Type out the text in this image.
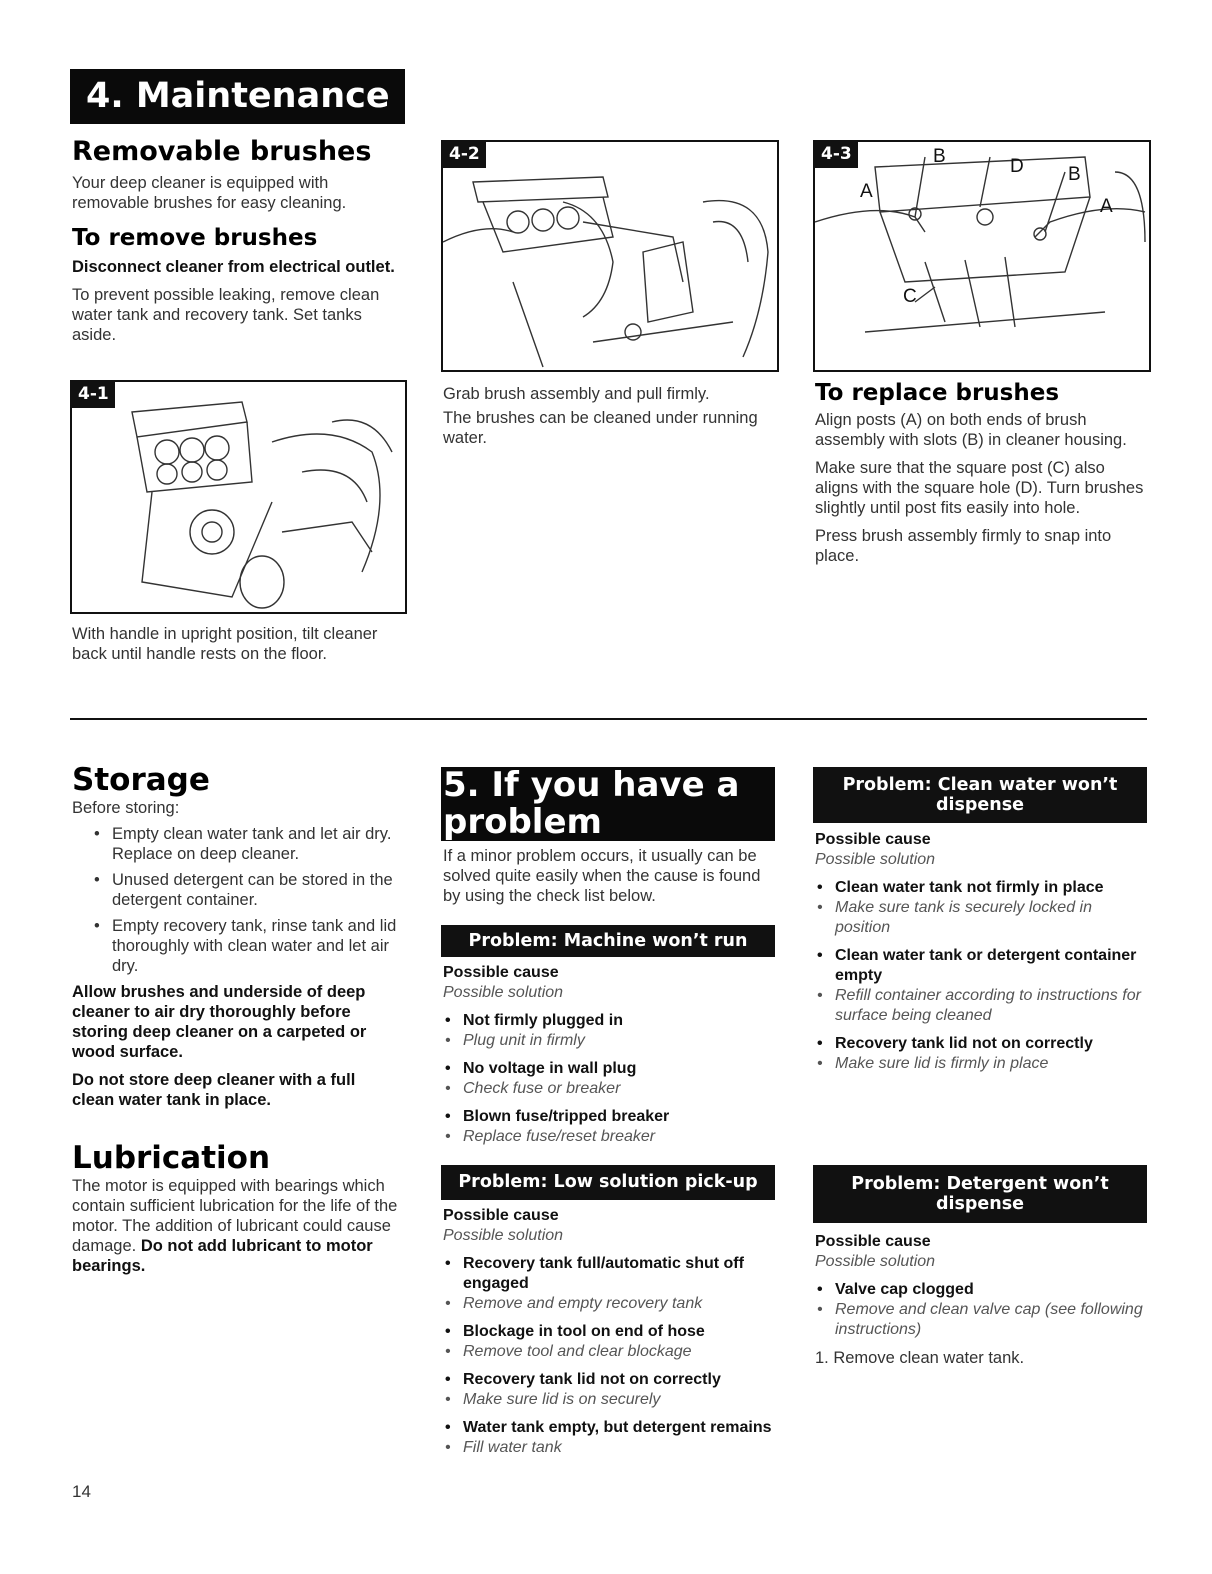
4. Maintenance
Removable brushes

Your deep cleaner is equipped with removable brushes for easy cleaning.

To remove brushes

Disconnect cleaner from electrical outlet.

To prevent possible leaking, remove clean water tank and recovery tank. Set tanks aside.

4-1

With handle in upright position, tilt cleaner back until handle rests on the floor.

4-2

Grab brush assembly and pull firmly.

The brushes can be cleaned under running water.

4-3	B
A
D B
A
C
To replace brushes

Align posts (A) on both ends of brush assembly with slots (B) in cleaner housing.

Make sure that the square post (C) also aligns with the square hole (D). Turn brushes slightly until post fits easily into hole.

Press brush assembly firmly to snap into place.

Storage

Before storing:

• Empty clean water tank and let air dry. Replace on deep cleaner.
• Unused detergent can be stored in the detergent container.
• Empty recovery tank, rinse tank and lid thoroughly with clean water and let air dry.

Allow brushes and underside of deep cleaner to air dry thoroughly before storing deep cleaner on a carpeted or wood surface.

Do not store deep cleaner with a full clean water tank in place.

Lubrication

The motor is equipped with bearings which contain sufficient lubrication for the life of the motor. The addition of lubricant could cause damage. Do not add lubricant to motor bearings.

14
5. If you have a
problem

If a minor problem occurs, it usually can be solved quite easily when the cause is found by using the check list below.

Problem: Machine won’t run
Possible cause
Possible solution
• Not firmly plugged in
• Plug unit in firmly
• No voltage in wall plug
• Check fuse or breaker
• Blown fuse/tripped breaker
• Replace fuse/reset breaker
Problem: Low solution pick-up
Possible cause
Possible solution
• Recovery tank full/automatic shut off engaged
• Remove and empty recovery tank
• Blockage in tool on end of hose
• Remove tool and clear blockage
• Recovery tank lid not on correctly
• Make sure lid is on securely
• Water tank empty, but detergent remains
• Fill water tank
Problem: Clean water won’t
dispense
Possible cause
Possible solution
• Clean water tank not firmly in place
• Make sure tank is securely locked in position
• Clean water tank or detergent container empty
• Refill container according to instructions for surface being cleaned
• Recovery tank lid not on correctly
• Make sure lid is firmly in place
Problem: Detergent won’t
dispense
Possible cause
Possible solution
• Valve cap clogged
• Remove and clean valve cap (see following instructions)
1. Remove clean water tank.
